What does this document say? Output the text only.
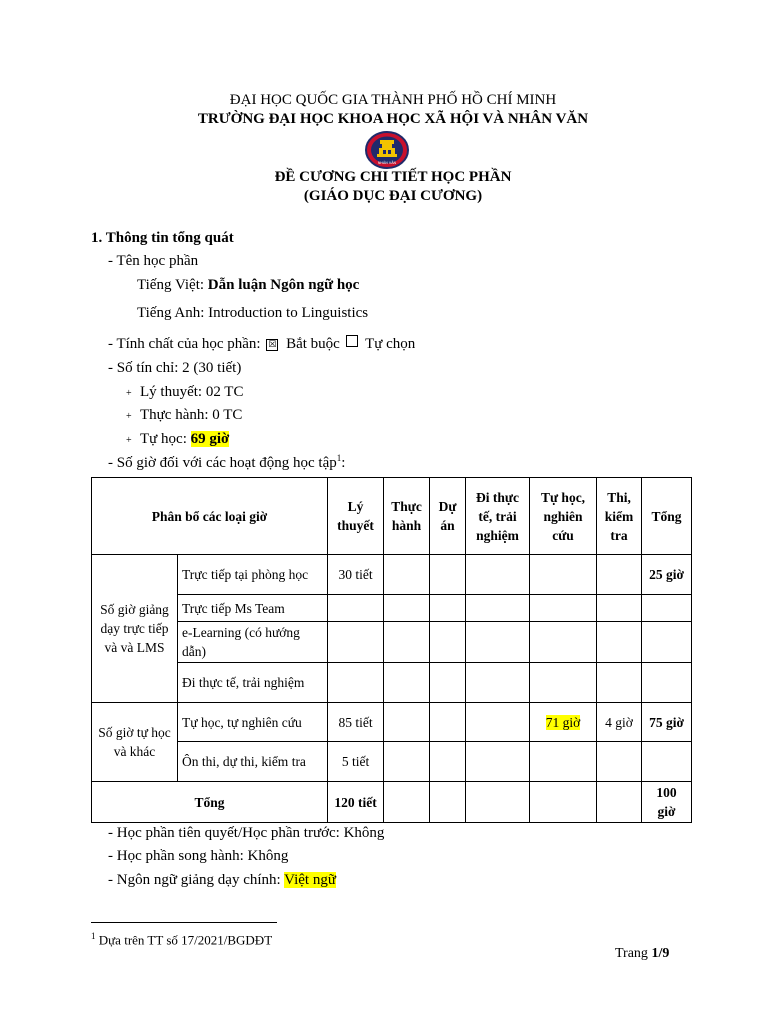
ĐẠI HỌC QUỐC GIA THÀNH PHỐ HỒ CHÍ MINH
TRƯỜNG ĐẠI HỌC KHOA HỌC XÃ HỘI VÀ NHÂN VĂN
NHÂN VĂN
ĐỀ CƯƠNG CHI TIẾT HỌC PHẦN
(GIÁO DỤC ĐẠI CƯƠNG)
1. Thông tin tổng quát
- Tên học phần
Tiếng Việt: Dẫn luận Ngôn ngữ học
Tiếng Anh: Introduction to Linguistics
- Tính chất của học phần: ☒ Bắt buộc Tự chọn
- Số tín chỉ: 2 (30 tiết)
+ Lý thuyết: 02 TC
+ Thực hành: 0 TC
+ Tự học: 69 giờ
- Số giờ đối với các hoạt động học tập$^1$:
Phân bổ các loại giờ		Lý thuyết	Thực hành	Dự án	Đi thực tế, trải nghiệm	Tự học, nghiên cứu	Thi, kiểm tra	Tổng
Số giờ giảng dạy trực tiếp và và LMS	Trực tiếp tại phòng học	30 tiết						25 giờ
	Trực tiếp Ms Team							
	e-Learning (có hướng dẫn)							
	Đi thực tế, trải nghiệm							
Số giờ tự học và khác	Tự học, tự nghiên cứu	85 tiết				71 giờ	4 giờ	75 giờ
	Ôn thi, dự thi, kiểm tra	5 tiết						
Tổng		120 tiết						100 giờ
- Học phần tiên quyết/Học phần trước: Không
- Học phần song hành: Không
- Ngôn ngữ giảng dạy chính: Việt ngữ
$^1$ Dựa trên TT số 17/2021/BGDĐT
Trang 1/9
